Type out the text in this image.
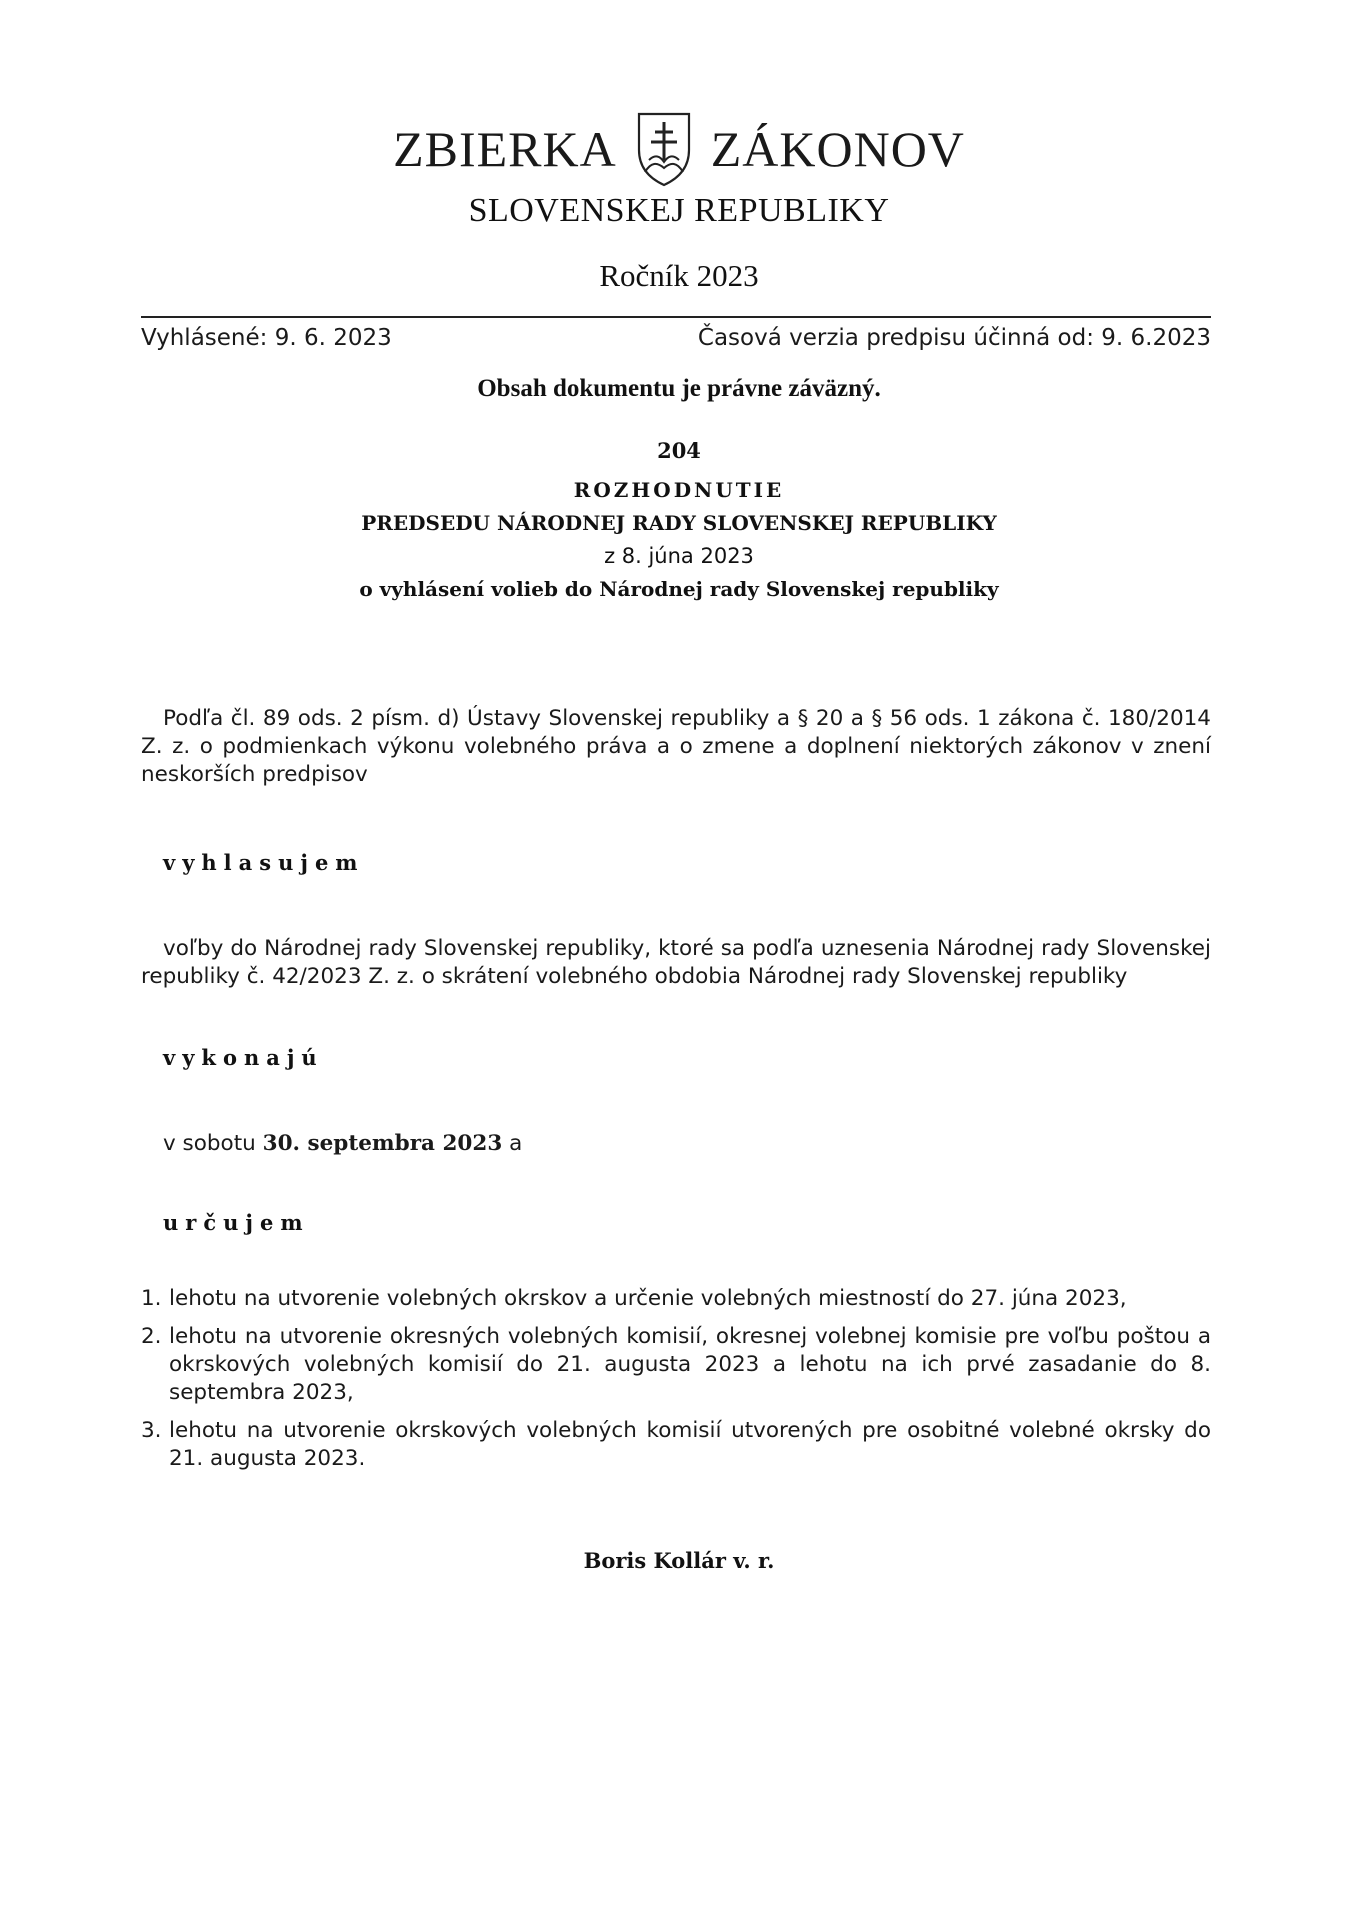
ZBIERKA ZÁKONOV
SLOVENSKEJ REPUBLIKY
Ročník 2023
Vyhlásené: 9. 6. 2023	Časová verzia predpisu účinná od: 9. 6.2023
Obsah dokumentu je právne záväzný.
204
ROZHODNUTIE
PREDSEDU NÁRODNEJ RADY SLOVENSKEJ REPUBLIKY
z 8. júna 2023
o vyhlásení volieb do Národnej rady Slovenskej republiky
Podľa čl. 89 ods. 2 písm. d) Ústavy Slovenskej republiky a § 20 a § 56 ods. 1 zákona č. 180/2014 Z. z. o podmienkach výkonu volebného práva a o zmene a doplnení niektorých zákonov v znení neskorších predpisov
vyhlasujem
voľby do Národnej rady Slovenskej republiky, ktoré sa podľa uznesenia Národnej rady Slovenskej republiky č. 42/2023 Z. z. o skrátení volebného obdobia Národnej rady Slovenskej republiky
vykonajú
v sobotu 30. septembra 2023 a
určujem
1. lehotu na utvorenie volebných okrskov a určenie volebných miestností do 27. júna 2023,
2. lehotu na utvorenie okresných volebných komisií, okresnej volebnej komisie pre voľbu poštou a okrskových volebných komisií do 21. augusta 2023 a lehotu na ich prvé zasadanie do 8. septembra 2023,
3. lehotu na utvorenie okrskových volebných komisií utvorených pre osobitné volebné okrsky do 21. augusta 2023.
Boris Kollár v. r.
